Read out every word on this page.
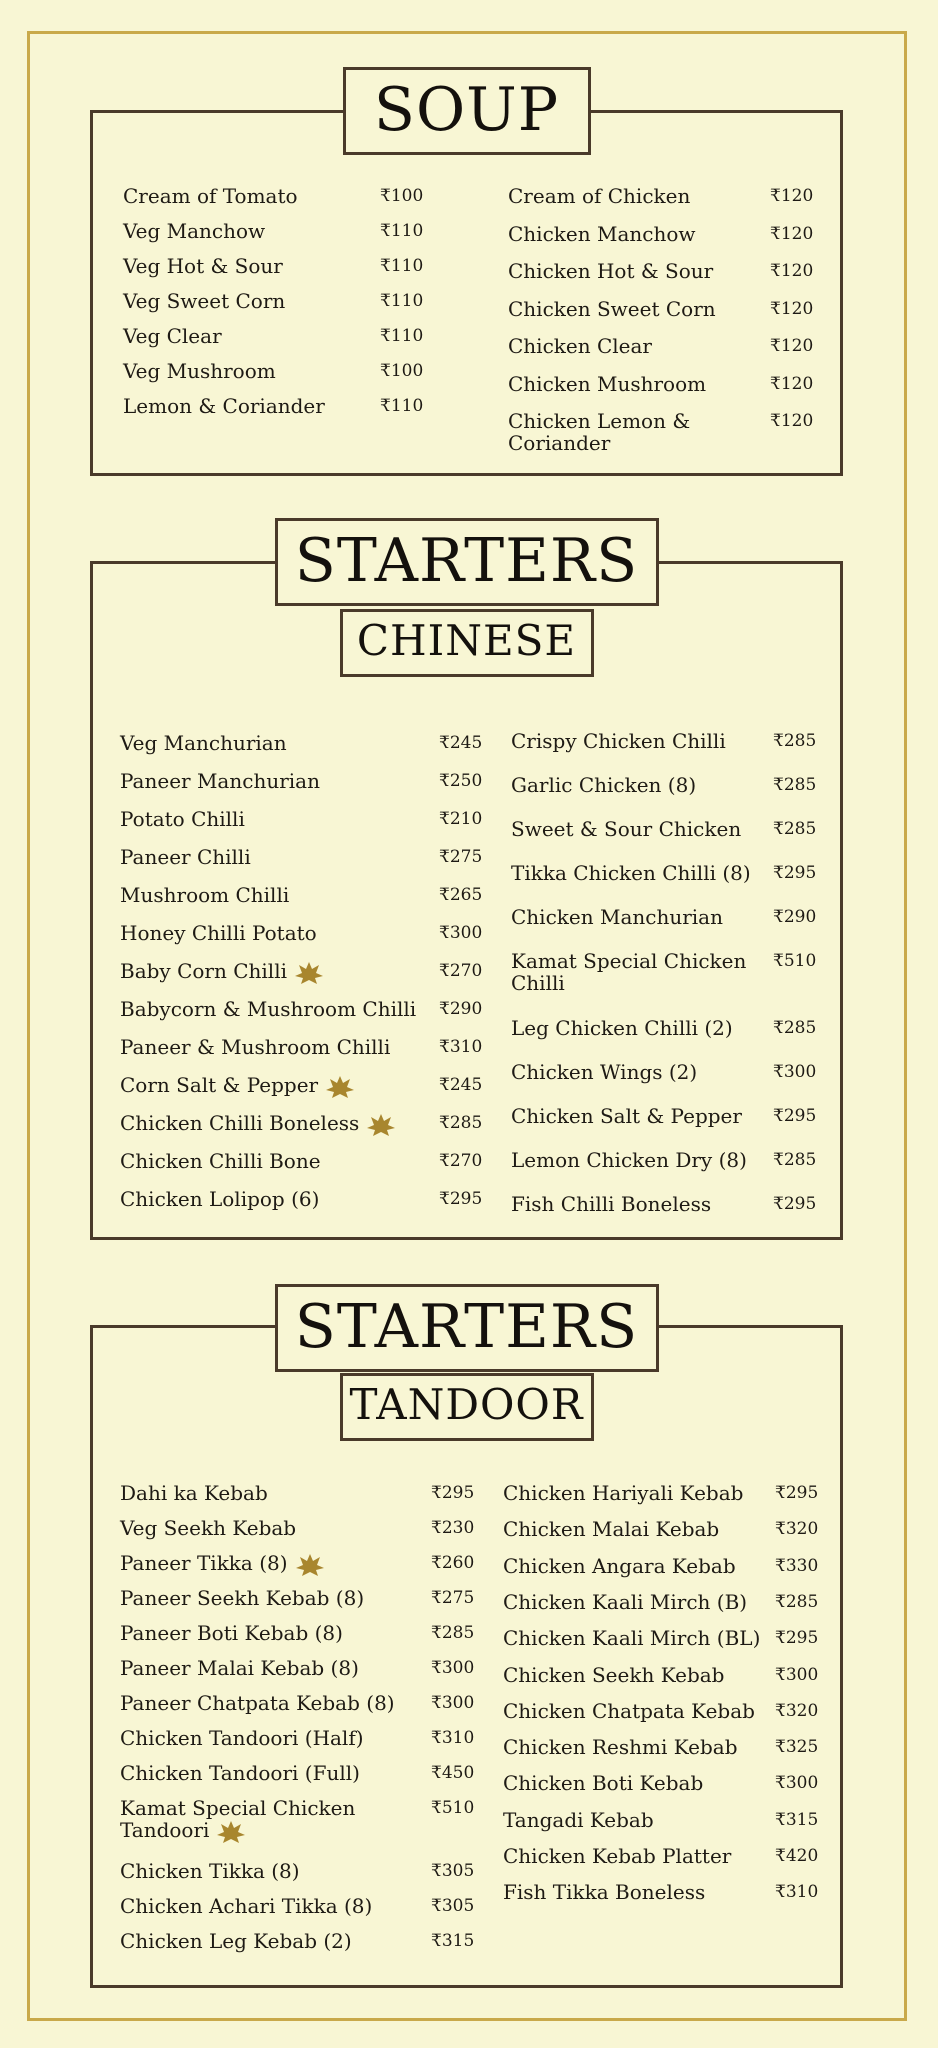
SOUP
Cream of Tomato	₹100
Veg Manchow	₹110
Veg Hot & Sour	₹110
Veg Sweet Corn	₹110
Veg Clear	₹110
Veg Mushroom	₹100
Lemon & Coriander	₹110
Cream of Chicken	₹120
Chicken Manchow	₹120
Chicken Hot & Sour	₹120
Chicken Sweet Corn	₹120
Chicken Clear	₹120
Chicken Mushroom	₹120
Chicken Lemon & Coriander
₹120
STARTERS
CHINESE
Veg Manchurian	₹245
Paneer Manchurian	₹250
Potato Chilli	₹210
Paneer Chilli	₹275
Mushroom Chilli	₹265
Honey Chilli Potato	₹300
Baby Corn Chilli	₹270
Babycorn & Mushroom Chilli ₹290
Paneer & Mushroom Chilli	₹310
Corn Salt & Pepper	₹245
Chicken Chilli Boneless	₹285
Chicken Chilli Bone	₹270
Chicken Lolipop (6)	₹295
Crispy Chicken Chilli	₹285
Garlic Chicken (8)	₹285
Sweet & Sour Chicken ₹285
Tikka Chicken Chilli (8) ₹295
Chicken Manchurian	₹290
Kamat Special Chicken Chilli
₹510
Leg Chicken Chilli (2) ₹285
Chicken Wings (2)	₹300
Chicken Salt & Pepper ₹295
Lemon Chicken Dry (8) ₹285
Fish Chilli Boneless	₹295
STARTERS
TANDOOR
Dahi ka Kebab	₹295
Veg Seekh Kebab	₹230
Paneer Tikka (8)	₹260
Paneer Seekh Kebab (8)	₹275
Paneer Boti Kebab (8)	₹285
Paneer Malai Kebab (8)	₹300
Paneer Chatpata Kebab (8) ₹300
Chicken Tandoori (Half)	₹310
Chicken Tandoori (Full)	₹450
Kamat Special Chicken Tandoori
₹510
Chicken Tikka (8)	₹305
Chicken Achari Tikka (8)	₹305
Chicken Leg Kebab (2)	₹315
Chicken Hariyali Kebab ₹295
Chicken Malai Kebab	₹320
Chicken Angara Kebab ₹330
Chicken Kaali Mirch (B) ₹285
Chicken Kaali Mirch (BL) ₹295
Chicken Seekh Kebab	₹300
Chicken Chatpata Kebab ₹320
Chicken Reshmi Kebab ₹325
Chicken Boti Kebab	₹300
Tangadi Kebab	₹315
Chicken Kebab Platter	₹420
Fish Tikka Boneless	₹310
